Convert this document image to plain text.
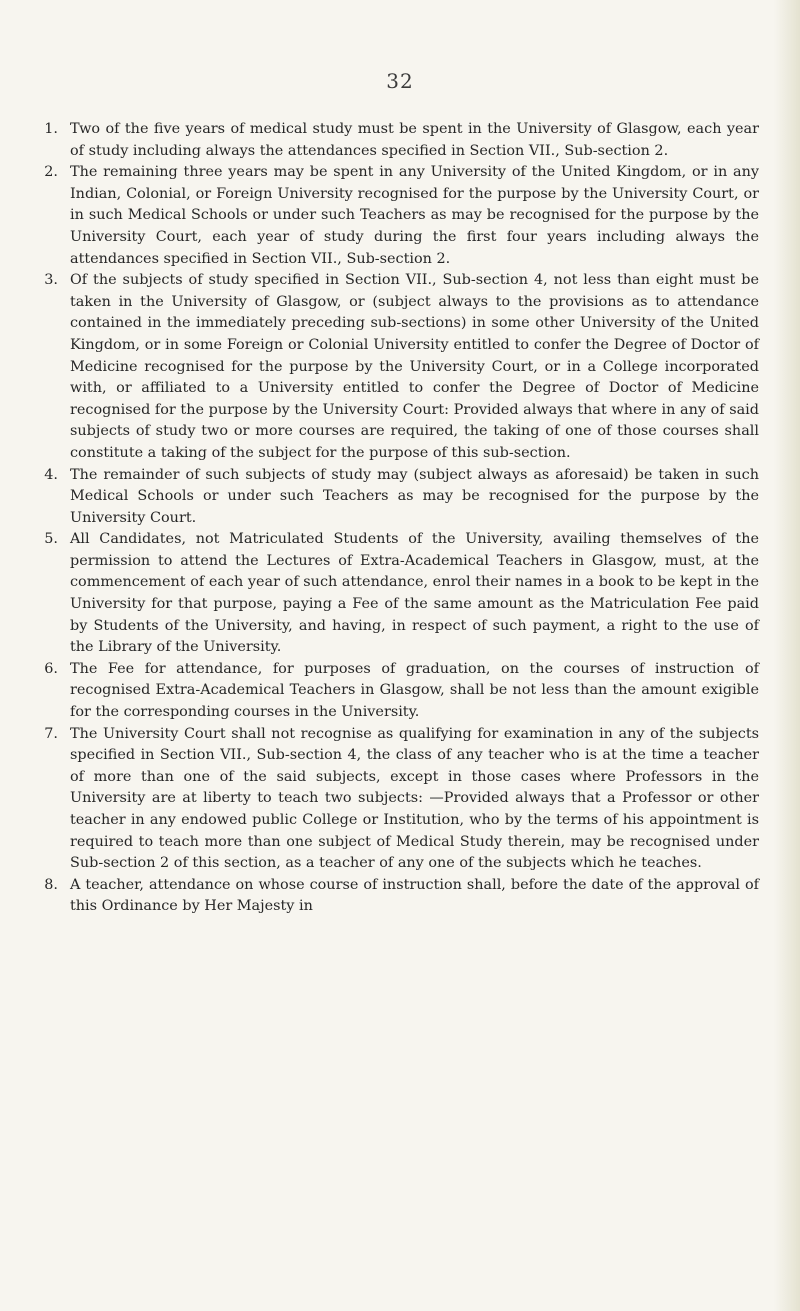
32
1. Two of the five years of medical study must be spent in the University of Glasgow, each year of study including always the attendances specified in Section VII., Sub-section 2.
2. The remaining three years may be spent in any University of the United Kingdom, or in any Indian, Colonial, or Foreign University recognised for the purpose by the University Court, or in such Medical Schools or under such Teachers as may be recognised for the purpose by the University Court, each year of study during the first four years including always the attendances specified in Section VII., Sub-section 2.
3. Of the subjects of study specified in Section VII., Sub-section 4, not less than eight must be taken in the University of Glasgow, or (subject always to the provisions as to attendance contained in the immediately preceding sub-sections) in some other University of the United Kingdom, or in some Foreign or Colonial University entitled to confer the Degree of Doctor of Medicine recognised for the purpose by the University Court, or in a College incorporated with, or affiliated to a University entitled to confer the Degree of Doctor of Medicine recognised for the purpose by the University Court: Provided always that where in any of said subjects of study two or more courses are required, the taking of one of those courses shall constitute a taking of the subject for the purpose of this sub-section.
4. The remainder of such subjects of study may (subject always as aforesaid) be taken in such Medical Schools or under such Teachers as may be recognised for the purpose by the University Court.
5. All Candidates, not Matriculated Students of the University, availing themselves of the permission to attend the Lectures of Extra-Academical Teachers in Glasgow, must, at the commencement of each year of such attendance, enrol their names in a book to be kept in the University for that purpose, paying a Fee of the same amount as the Matriculation Fee paid by Students of the University, and having, in respect of such payment, a right to the use of the Library of the University.
6. The Fee for attendance, for purposes of graduation, on the courses of instruction of recognised Extra-Academical Teachers in Glasgow, shall be not less than the amount exigible for the corresponding courses in the University.
7. The University Court shall not recognise as qualifying for examination in any of the subjects specified in Section VII., Sub-section 4, the class of any teacher who is at the time a teacher of more than one of the said subjects, except in those cases where Professors in the University are at liberty to teach two subjects: —Provided always that a Professor or other teacher in any endowed public College or Institution, who by the terms of his appointment is required to teach more than one subject of Medical Study therein, may be recognised under Sub-section 2 of this section, as a teacher of any one of the subjects which he teaches.
8. A teacher, attendance on whose course of instruction shall, before the date of the approval of this Ordinance by Her Majesty in
